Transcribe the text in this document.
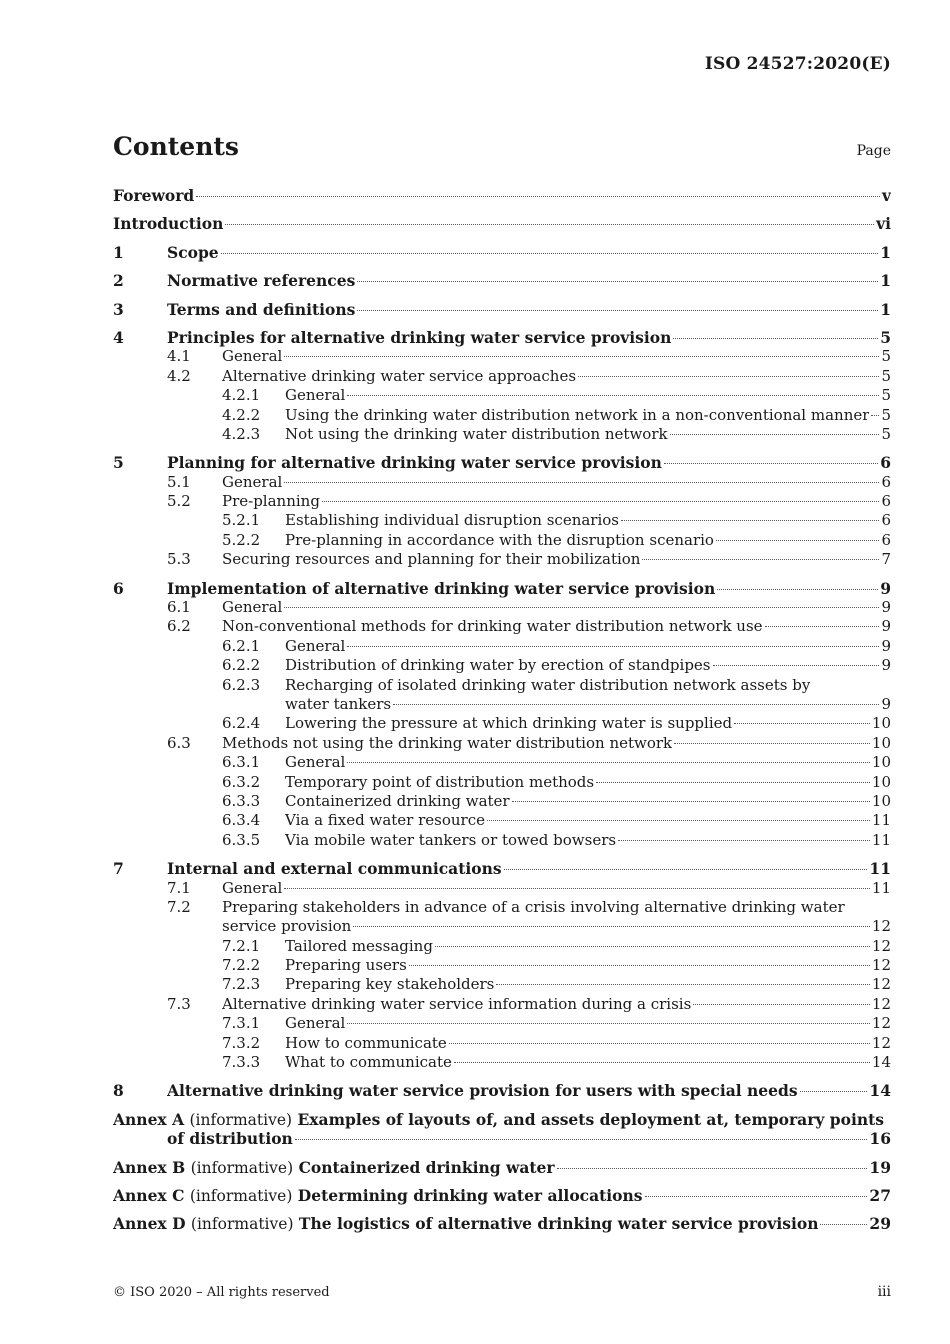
ISO 24527:2020(E)
Contents	Page
Foreword	v
Introduction	vi
1	Scope	1
2	Normative references	1
3	Terms and definitions	1
4	Principles for alternative drinking water service provision	5
4.1 General	5
4.2 Alternative drinking water service approaches	5
4.2.1 General	5
4.2.2 Using the drinking water distribution network in a non-conventional manner 5
4.2.3 Not using the drinking water distribution network	5
5	Planning for alternative drinking water service provision	6
5.1 General	6
5.2 Pre-planning	6
5.2.1 Establishing individual disruption scenarios	6
5.2.2 Pre-planning in accordance with the disruption scenario	6
5.3 Securing resources and planning for their mobilization	7
6	Implementation of alternative drinking water service provision	9
6.1 General	9
6.2 Non-conventional methods for drinking water distribution network use	9
6.2.1 General	9
6.2.2 Distribution of drinking water by erection of standpipes	9
6.2.3 Recharging of isolated drinking water distribution network assets by
water tankers	9
6.2.4 Lowering the pressure at which drinking water is supplied	10
6.3 Methods not using the drinking water distribution network	10
6.3.1 General	10
6.3.2 Temporary point of distribution methods	10
6.3.3 Containerized drinking water	10
6.3.4 Via a fixed water resource	11
6.3.5 Via mobile water tankers or towed bowsers	11
7	Internal and external communications	11
7.1 General	11
7.2 Preparing stakeholders in advance of a crisis involving alternative drinking water
service provision	12
7.2.1 Tailored messaging	12
7.2.2 Preparing users	12
7.2.3 Preparing key stakeholders	12
7.3 Alternative drinking water service information during a crisis	12
7.3.1 General	12
7.3.2 How to communicate	12
7.3.3 What to communicate	14
8	Alternative drinking water service provision for users with special needs	14
Annex A (informative) Examples of layouts of, and assets deployment at, temporary points
of distribution	16
Annex B (informative) Containerized drinking water	19
Annex C (informative) Determining drinking water allocations	27
Annex D (informative) The logistics of alternative drinking water service provision	29
© ISO 2020 – All rights reserved	iii
